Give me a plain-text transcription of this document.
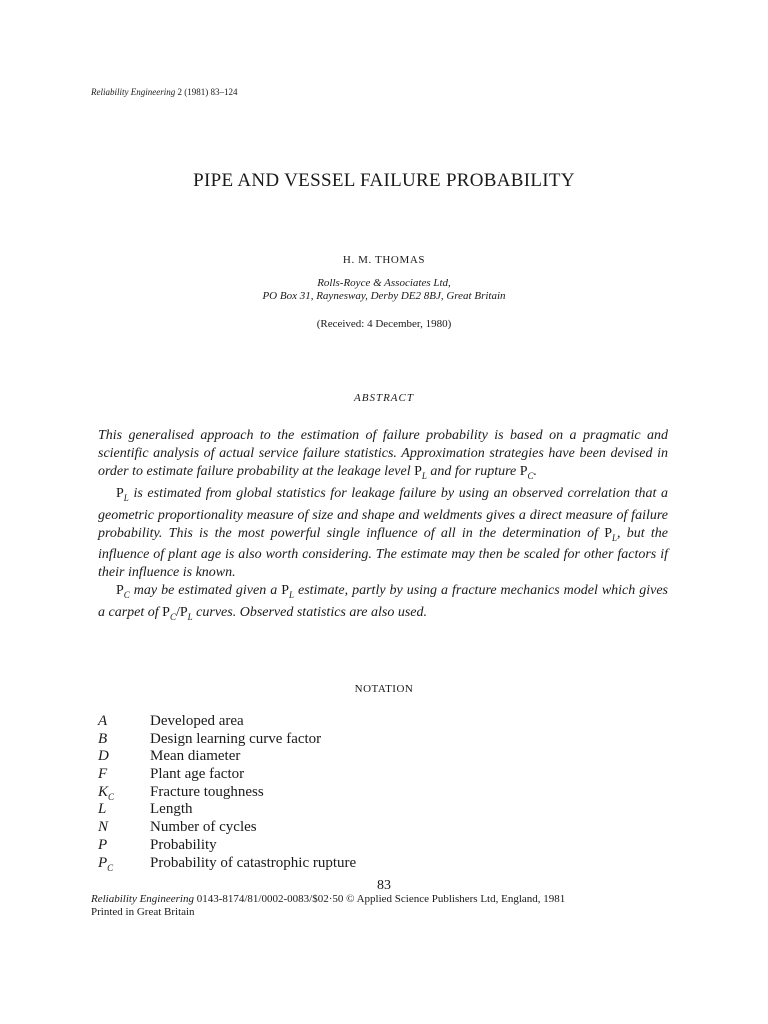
Reliability Engineering 2 (1981) 83–124
PIPE AND VESSEL FAILURE PROBABILITY
H. M. THOMAS
Rolls-Royce & Associates Ltd,
PO Box 31, Raynesway, Derby DE2 8BJ, Great Britain
(Received: 4 December, 1980)
ABSTRACT

This generalised approach to the estimation of failure probability is based on a pragmatic and scientific analysis of actual service failure statistics. Approximation strategies have been devised in order to estimate failure probability at the leakage level $P_L$ and for rupture $P_C$.

$P_L$ is estimated from global statistics for leakage failure by using an observed correlation that a geometric proportionality measure of size and shape and weldments gives a direct measure of failure probability. This is the most powerful single influence of all in the determination of $P_L$, but the influence of plant age is also worth considering. The estimate may then be scaled for other factors if their influence is known.

$P_C$ may be estimated given a $P_L$ estimate, partly by using a fracture mechanics model which gives a carpet of $P_C/P_L$ curves. Observed statistics are also used.

NOTATION
A	Developed area
B	Design learning curve factor
D	Mean diameter
F	Plant age factor
$K_C$ Fracture toughness
L	Length
N	Number of cycles
P	Probability
$P_C$ Probability of catastrophic rupture
83
Reliability Engineering 0143-8174/81/0002-0083/$02·50 © Applied Science Publishers Ltd, England, 1981
Printed in Great Britain
